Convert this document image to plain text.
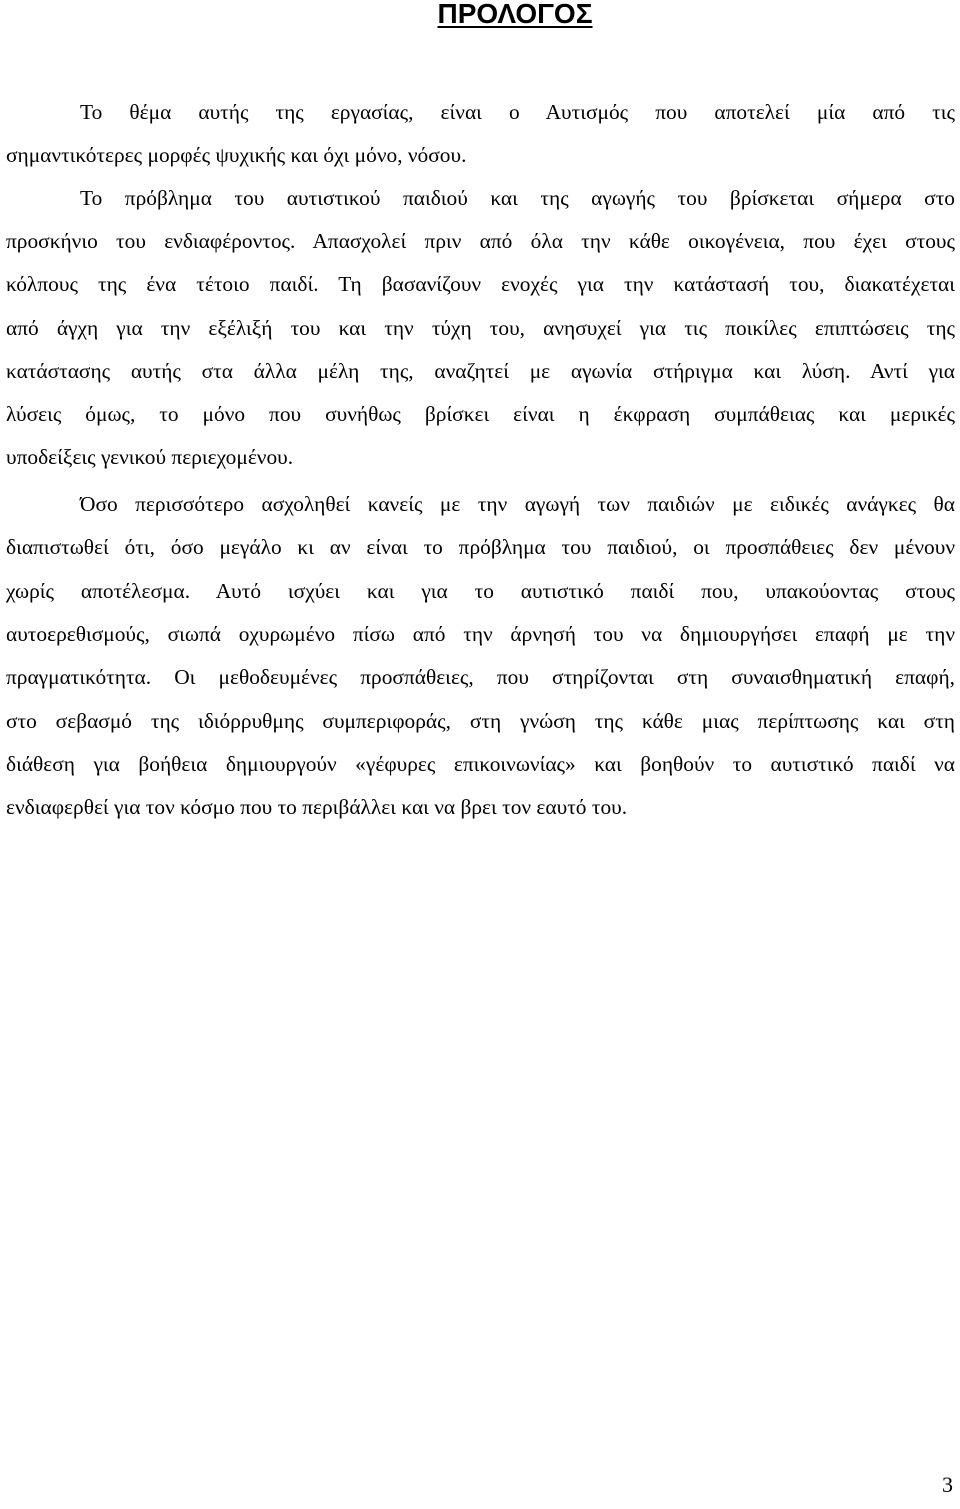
ΠΡΟΛΟΓΟΣ
Το θέμα αυτής της εργασίας, είναι ο Αυτισμός που αποτελεί μία από τις
σημαντικότερες μορφές ψυχικής και όχι μόνο, νόσου.
Το πρόβλημα του αυτιστικού παιδιού και της αγωγής του βρίσκεται σήμερα στο
προσκήνιο του ενδιαφέροντος. Απασχολεί πριν από όλα την κάθε οικογένεια, που έχει στους
κόλπους της ένα τέτοιο παιδί. Τη βασανίζουν ενοχές για την κατάστασή του, διακατέχεται
από άγχη για την εξέλιξή του και την τύχη του, ανησυχεί για τις ποικίλες επιπτώσεις της
κατάστασης αυτής στα άλλα μέλη της, αναζητεί με αγωνία στήριγμα και λύση. Αντί για
λύσεις όμως, το μόνο που συνήθως βρίσκει είναι η έκφραση συμπάθειας και μερικές
υποδείξεις γενικού περιεχομένου.
Όσο περισσότερο ασχοληθεί κανείς με την αγωγή των παιδιών με ειδικές ανάγκες θα
διαπιστωθεί ότι, όσο μεγάλο κι αν είναι το πρόβλημα του παιδιού, οι προσπάθειες δεν μένουν
χωρίς αποτέλεσμα. Αυτό ισχύει και για το αυτιστικό παιδί που, υπακούοντας στους
αυτοερεθισμούς, σιωπά οχυρωμένο πίσω από την άρνησή του να δημιουργήσει επαφή με την
πραγματικότητα. Οι μεθοδευμένες προσπάθειες, που στηρίζονται στη συναισθηματική επαφή,
στο σεβασμό της ιδιόρρυθμης συμπεριφοράς, στη γνώση της κάθε μιας περίπτωσης και στη
διάθεση για βοήθεια δημιουργούν «γέφυρες επικοινωνίας» και βοηθούν το αυτιστικό παιδί να
ενδιαφερθεί για τον κόσμο που το περιβάλλει και να βρει τον εαυτό του.
3
